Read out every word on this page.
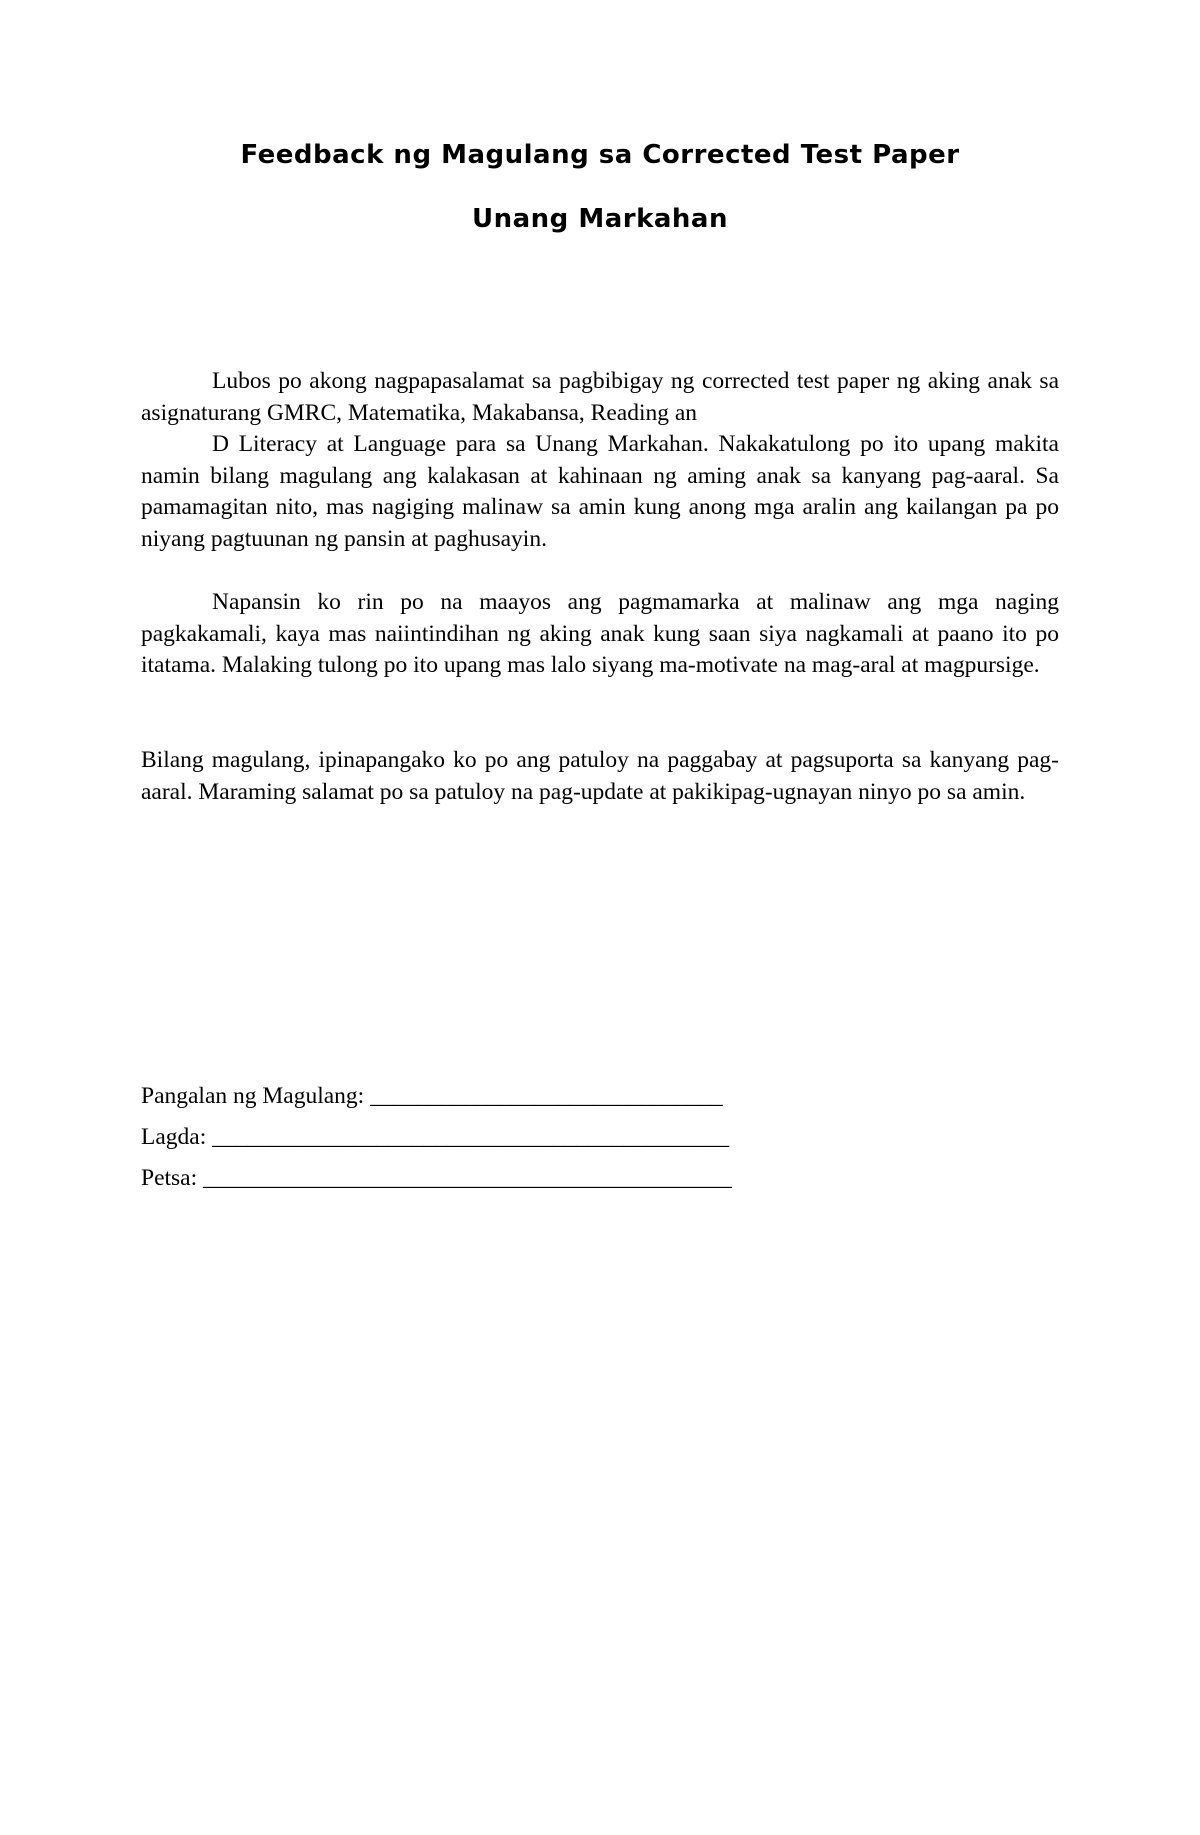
Feedback ng Magulang sa Corrected Test Paper
Unang Markahan

Lubos po akong nagpapasalamat sa pagbibigay ng corrected test paper ng aking anak sa asignaturang GMRC, Matematika, Makabansa, Reading an

D Literacy at Language para sa Unang Markahan. Nakakatulong po ito upang makita namin bilang magulang ang kalakasan at kahinaan ng aming anak sa kanyang pag-aaral. Sa pamamagitan nito, mas nagiging malinaw sa amin kung anong mga aralin ang kailangan pa po niyang pagtuunan ng pansin at paghusayin.

Napansin ko rin po na maayos ang pagmamarka at malinaw ang mga naging pagkakamali, kaya mas naiintindihan ng aking anak kung saan siya nagkamali at paano ito po itatama. Malaking tulong po ito upang mas lalo siyang ma-motivate na mag-aral at magpursige.

Bilang magulang, ipinapangako ko po ang patuloy na paggabay at pagsuporta sa kanyang pag-aaral. Maraming salamat po sa patuloy na pag-update at pakikipag-ugnayan ninyo po sa amin.

Pangalan ng Magulang: ______________________________

Lagda: ____________________________________________

Petsa: _____________________________________________
